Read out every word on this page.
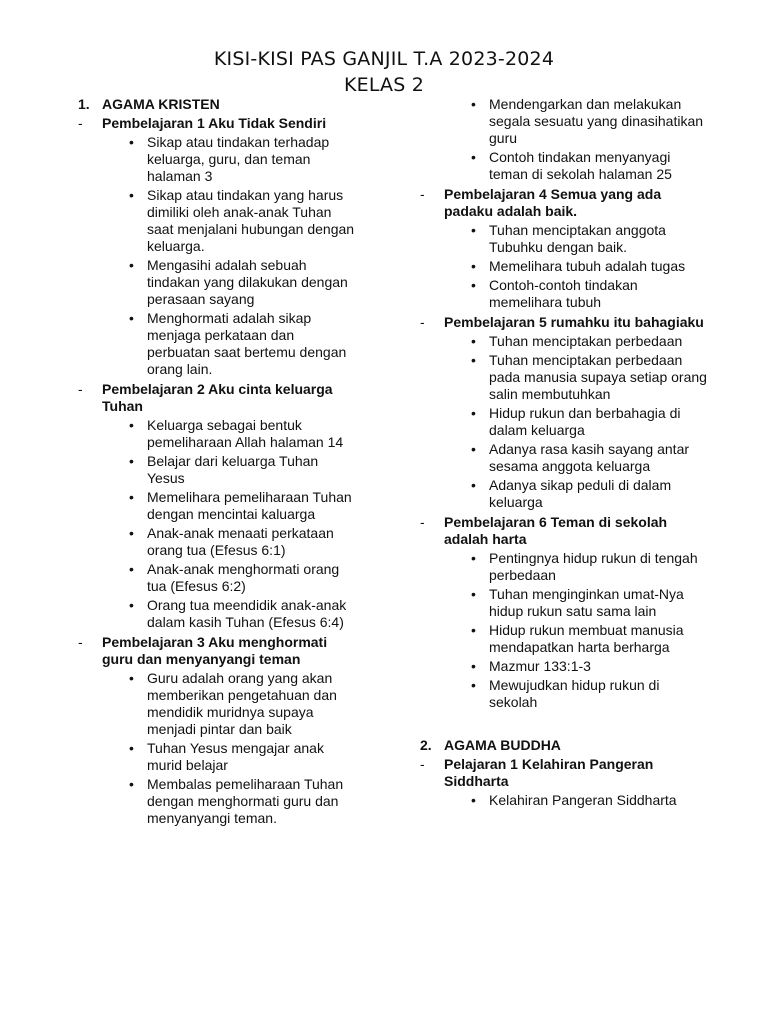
KISI-KISI PAS GANJIL T.A 2023-2024
KELAS 2
1. AGAMA KRISTEN
- Pembelajaran 1 Aku Tidak Sendiri
• Sikap atau tindakan terhadap keluarga, guru, dan teman halaman 3
• Sikap atau tindakan yang harus dimiliki oleh anak-anak Tuhan saat menjalani hubungan dengan keluarga.
• Mengasihi adalah sebuah tindakan yang dilakukan dengan perasaan sayang
• Menghormati adalah sikap menjaga perkataan dan perbuatan saat bertemu dengan orang lain.
- Pembelajaran 2 Aku cinta keluarga Tuhan
• Keluarga sebagai bentuk pemeliharaan Allah halaman 14
• Belajar dari keluarga Tuhan Yesus
• Memelihara pemeliharaan Tuhan dengan mencintai kaluarga
• Anak-anak menaati perkataan orang tua (Efesus 6:1)
• Anak-anak menghormati orang tua (Efesus 6:2)
• Orang tua meendidik anak-anak dalam kasih Tuhan (Efesus 6:4)
- Pembelajaran 3 Aku menghormati guru dan menyanyangi teman
• Guru adalah orang yang akan memberikan pengetahuan dan mendidik muridnya supaya menjadi pintar dan baik
• Tuhan Yesus mengajar anak murid belajar
• Membalas pemeliharaan Tuhan dengan menghormati guru dan menyanyangi teman.
• Mendengarkan dan melakukan segala sesuatu yang dinasihatikan guru
• Contoh tindakan menyanyagi teman di sekolah halaman 25
- Pembelajaran 4 Semua yang ada padaku adalah baik.
• Tuhan menciptakan anggota Tubuhku dengan baik.
• Memelihara tubuh adalah tugas
• Contoh-contoh tindakan memelihara tubuh
- Pembelajaran 5 rumahku itu bahagiaku
• Tuhan menciptakan perbedaan
• Tuhan menciptakan perbedaan pada manusia supaya setiap orang salin membutuhkan
• Hidup rukun dan berbahagia di dalam keluarga
• Adanya rasa kasih sayang antar sesama anggota keluarga
• Adanya sikap peduli di dalam keluarga
- Pembelajaran 6 Teman di sekolah adalah harta
• Pentingnya hidup rukun di tengah perbedaan
• Tuhan menginginkan umat-Nya hidup rukun satu sama lain
• Hidup rukun membuat manusia mendapatkan harta berharga
• Mazmur 133:1-3
• Mewujudkan hidup rukun di sekolah
2. AGAMA BUDDHA
- Pelajaran 1 Kelahiran Pangeran Siddharta
• Kelahiran Pangeran Siddharta
